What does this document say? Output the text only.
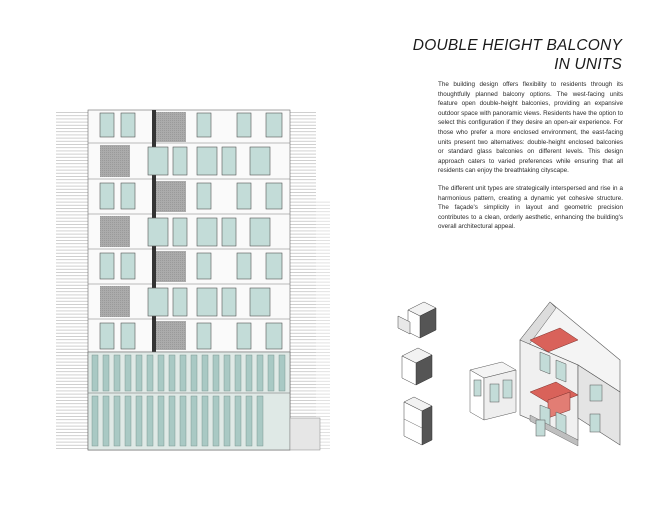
DOUBLE HEIGHT BALCONY
IN UNITS

The building design offers flexibility to residents through its thoughtfully planned balcony options. The west-facing units feature open double-height balconies, providing an expansive outdoor space with panoramic views. Residents have the option to select this configuration if they desire an open-air experience. For those who prefer a more enclosed environment, the east-facing units present two alternatives: double-height enclosed balconies or standard glass balconies on different levels. This design approach caters to varied preferences while ensuring that all residents can enjoy the breathtaking cityscape.

The different unit types are strategically interspersed and rise in a harmonious pattern, creating a dynamic yet cohesive structure. The façade's simplicity in layout and geometric precision contributes to a clean, orderly aesthetic, enhancing the building's overall architectural appeal.
